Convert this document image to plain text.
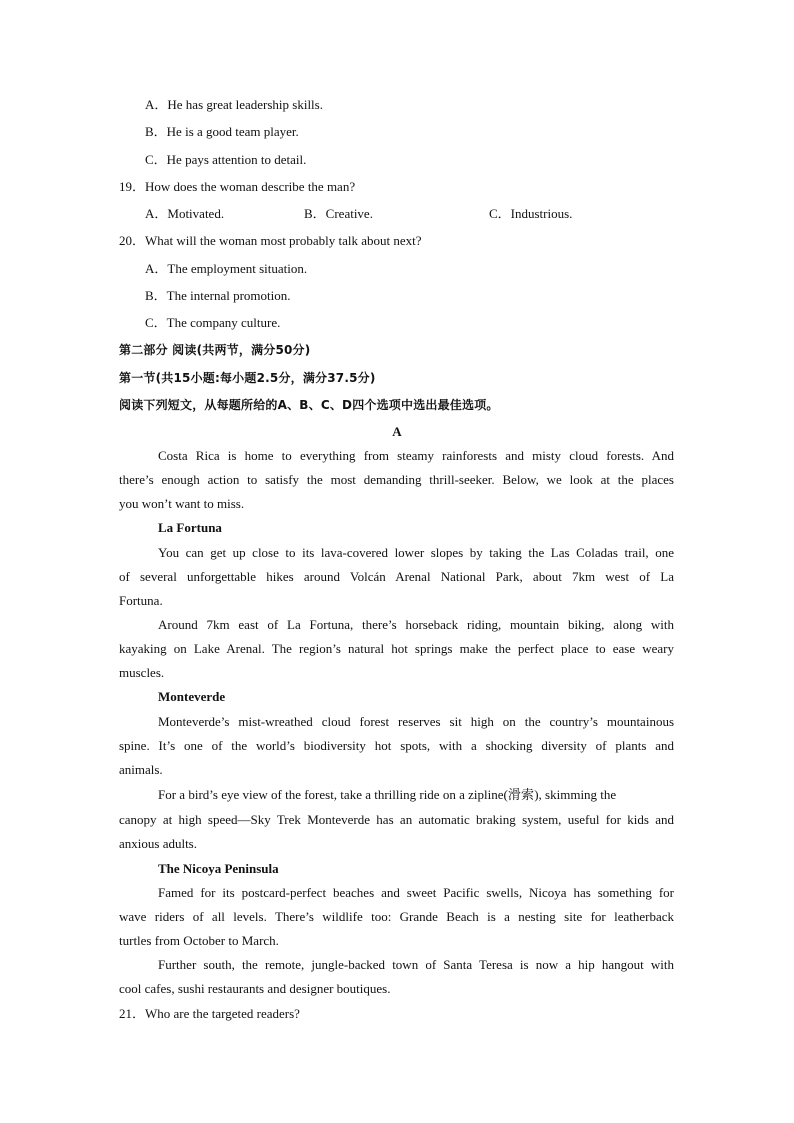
A．He has great leadership skills.
B．He is a good team player.
C．He pays attention to detail.
19．How does the woman describe the man?
A．Motivated.	B．Creative.	C．Industrious.
20．What will the woman most probably talk about next?
A．The employment situation.
B．The internal promotion.
C．The company culture.
第二部分 阅读(共两节，满分50分)
第一节(共15小题:每小题2.5分，满分37.5分)
阅读下列短文，从每题所给的A、B、C、D四个选项中选出最佳选项。
A
Costa Rica is home to everything from steamy rainforests and misty cloud forests. And
there’s enough action to satisfy the most demanding thrill-seeker. Below, we look at the places
you won’t want to miss.
La Fortuna
You can get up close to its lava-covered lower slopes by taking the Las Coladas trail, one
of several unforgettable hikes around Volcán Arenal National Park, about 7km west of La
Fortuna.
Around 7km east of La Fortuna, there’s horseback riding, mountain biking, along with
kayaking on Lake Arenal. The region’s natural hot springs make the perfect place to ease weary
muscles.
Monteverde
Monteverde’s mist-wreathed cloud forest reserves sit high on the country’s mountainous
spine. It’s one of the world’s biodiversity hot spots, with a shocking diversity of plants and
animals.
For a bird’s eye view of the forest, take a thrilling ride on a zipline(滑索), skimming the
canopy at high speed—Sky Trek Monteverde has an automatic braking system, useful for kids and
anxious adults.
The Nicoya Peninsula
Famed for its postcard-perfect beaches and sweet Pacific swells, Nicoya has something for
wave riders of all levels. There’s wildlife too: Grande Beach is a nesting site for leatherback
turtles from October to March.
Further south, the remote, jungle-backed town of Santa Teresa is now a hip hangout with
cool cafes, sushi restaurants and designer boutiques.
21．Who are the targeted readers?
